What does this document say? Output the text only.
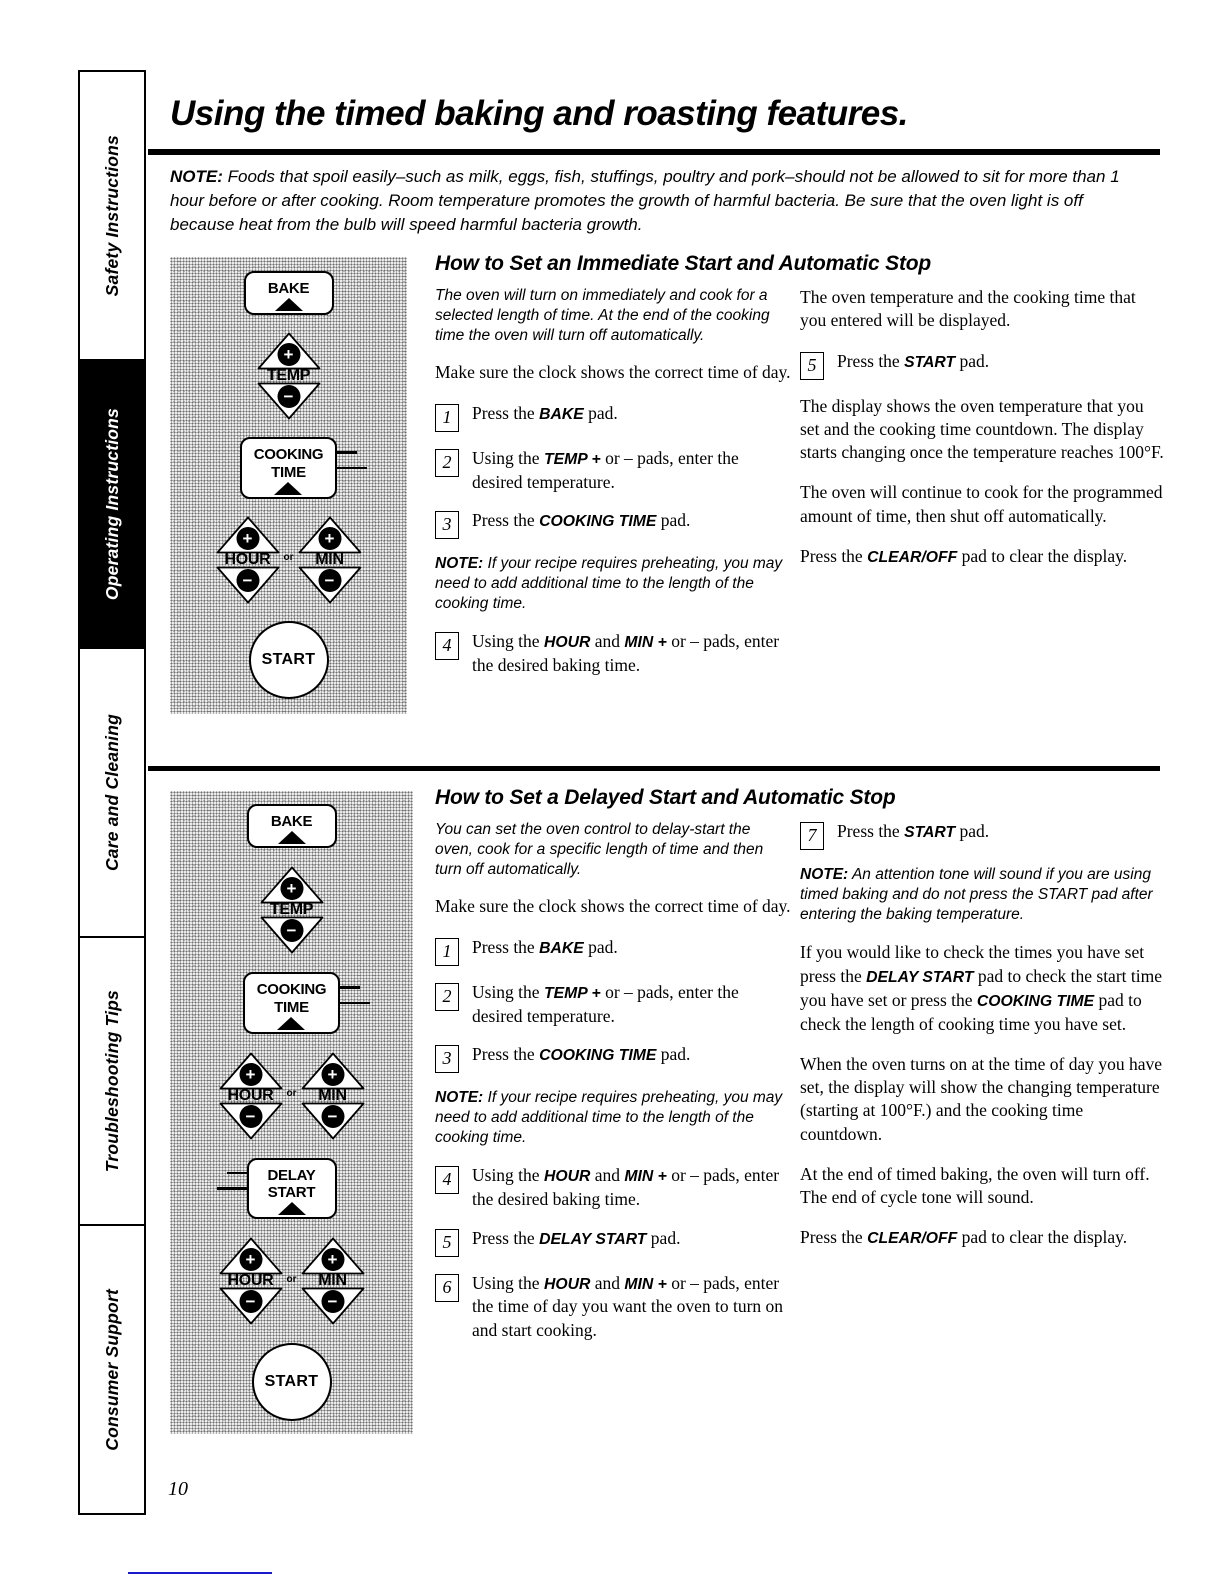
Safety Instructions
Operating Instructions
Care and Cleaning
Troubleshooting Tips
Consumer Support
Using the timed baking and roasting features.

NOTE: Foods that spoil easily–such as milk, eggs, fish, stuffings, poultry and pork–should not be allowed to sit for more than 1 hour before or after cooking. Room temperature promotes the growth of harmful bacteria. Be sure that the oven light is off because heat from the bulb will speed harmful bacteria growth.

How to Set an Immediate Start and Automatic Stop
BAKE
+
TEMP
−
COOKING
TIME
+
HOUR
−
or
+
MIN
−
START

The oven will turn on immediately and cook for a selected length of time. At the end of the cooking time the oven will turn off automatically.

Make sure the clock shows the correct time of day.

1	Press the BAKE pad.
2	Using the TEMP + or – pads, enter the desired temperature.
3	Press the COOKING TIME pad.

NOTE: If your recipe requires preheating, you may need to add additional time to the length of the cooking time.

4	Using the HOUR and MIN + or – pads, enter the desired baking time.

The oven temperature and the cooking time that you entered will be displayed.

5	Press the START pad.

The display shows the oven temperature that you set and the cooking time countdown. The display starts changing once the temperature reaches 100°F.

The oven will continue to cook for the programmed amount of time, then shut off automatically.

Press the CLEAR/OFF pad to clear the display.

How to Set a Delayed Start and Automatic Stop
BAKE
+
TEMP
−
COOKING
TIME
+
HOUR
−
or
+
MIN
−
DELAY
START
+
HOUR
−
or
+
MIN
−
START

You can set the oven control to delay-start the oven, cook for a specific length of time and then turn off automatically.

Make sure the clock shows the correct time of day.

1	Press the BAKE pad.
2	Using the TEMP + or – pads, enter the desired temperature.
3	Press the COOKING TIME pad.

NOTE: If your recipe requires preheating, you may need to add additional time to the length of the cooking time.

4	Using the HOUR and MIN + or – pads, enter the desired baking time.
5	Press the DELAY START pad.
6	Using the HOUR and MIN + or – pads, enter the time of day you want the oven to turn on and start cooking.
7	Press the START pad.

NOTE: An attention tone will sound if you are using timed baking and do not press the START pad after entering the baking temperature.

If you would like to check the times you have set press the DELAY START pad to check the start time you have set or press the COOKING TIME pad to check the length of cooking time you have set.

When the oven turns on at the time of day you have set, the display will show the changing temperature (starting at 100°F.) and the cooking time countdown.

At the end of timed baking, the oven will turn off. The end of cycle tone will sound.

Press the CLEAR/OFF pad to clear the display.

10
